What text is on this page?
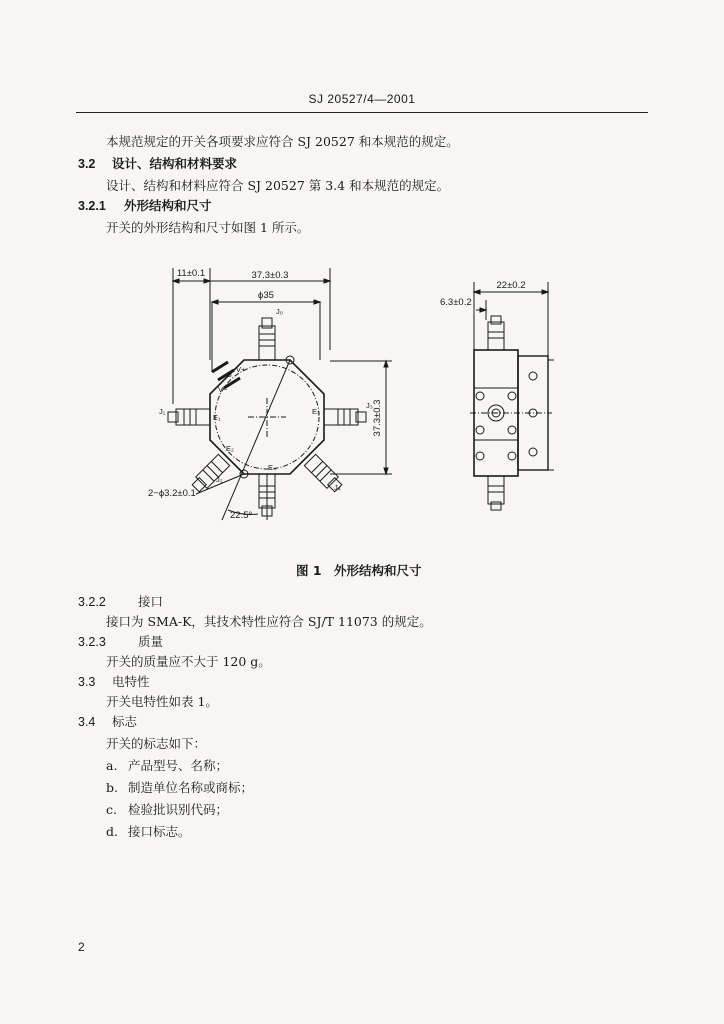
SJ 20527/4—2001
本规范规定的开关各项要求应符合 SJ 20527 和本规范的规定。
3.2 设计、结构和材料要求
设计、结构和材料应符合 SJ 20527 第 3.4 和本规范的规定。
3.2.1 外形结构和尺寸
开关的外形结构和尺寸如图 1 所示。
11±0.1	37.3±0.3
ϕ35
37.3±0.3
2−ϕ3.2±0.1
22.5°
22±0.2
6.3±0.2
J₀
J₁
J₂
J₃
J₄
G
V+
V−
E₁
E₂
E₃
E₄
图 1　外形结构和尺寸
3.2.2	接口
接口为 SMA-K，其技术特性应符合 SJ/T 11073 的规定。
3.2.3	质量
开关的质量应不大于 120 g。
3.3 电特性
开关电特性如表 1。
3.4 标志
开关的标志如下：
a. 产品型号、名称；
b. 制造单位名称或商标；
c. 检验批识别代码；
d. 接口标志。
2
